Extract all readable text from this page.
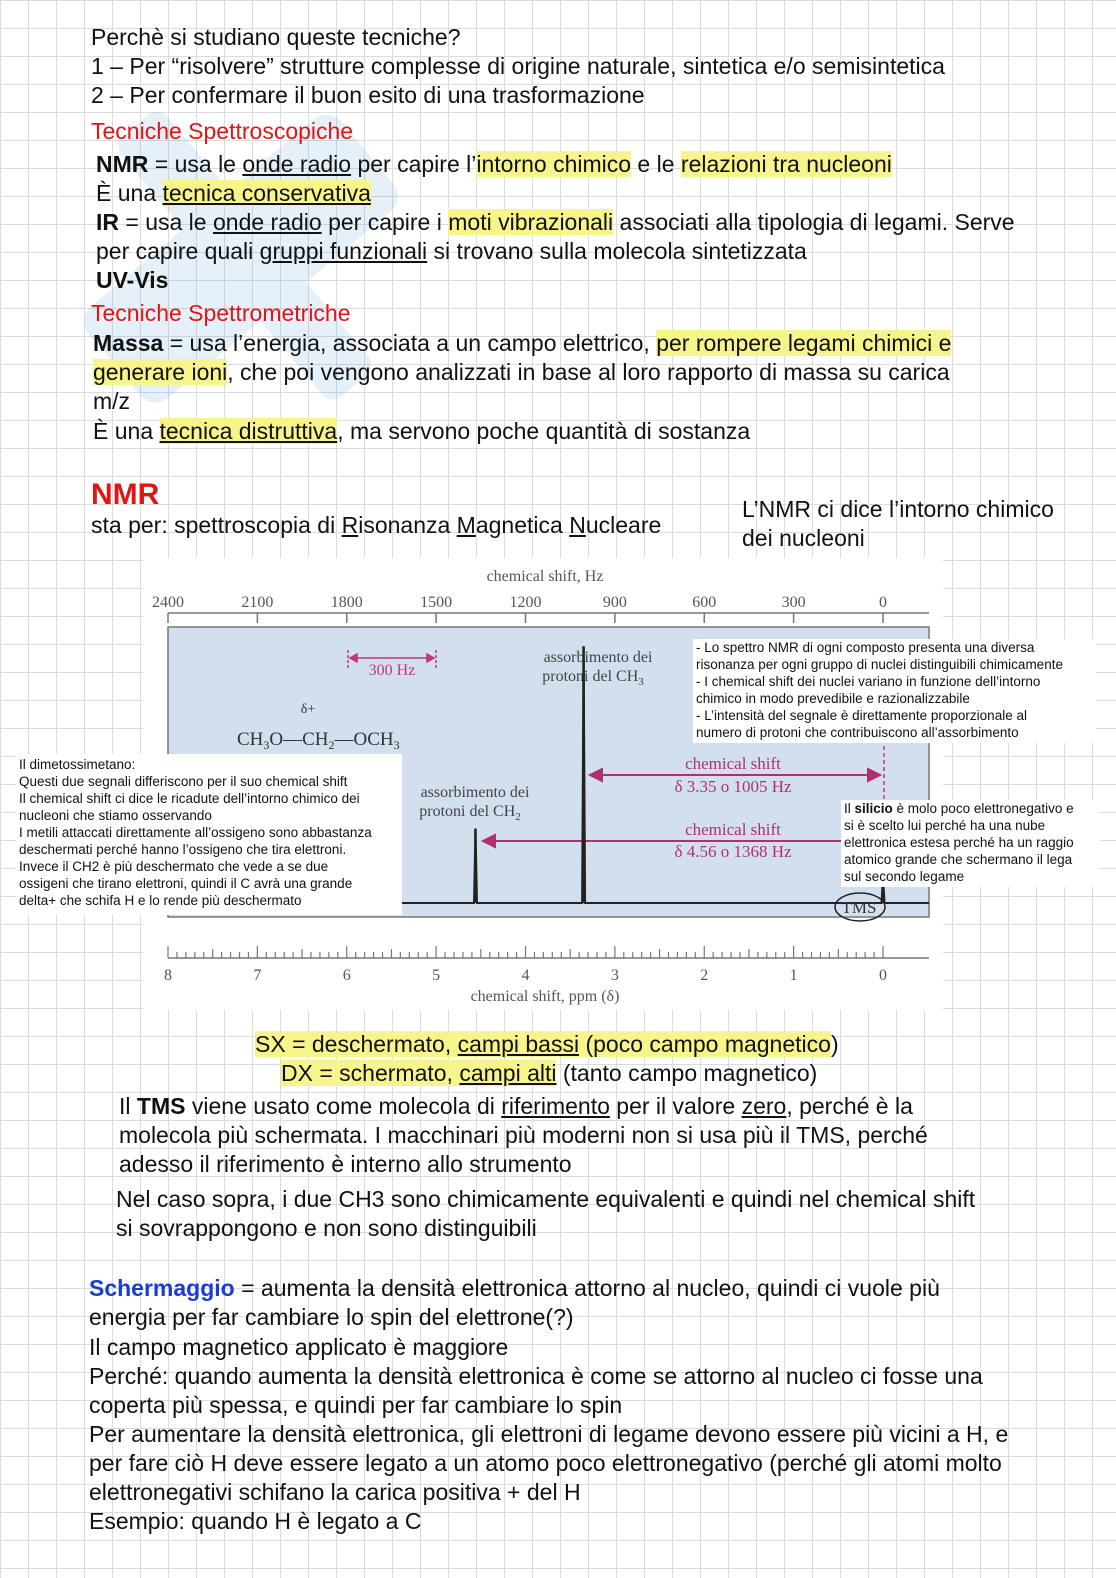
Perchè si studiano queste tecniche?
1 – Per “risolvere” strutture complesse di origine naturale, sintetica e/o semisintetica
2 – Per confermare il buon esito di una trasformazione
Tecniche Spettroscopiche
NMR = usa le onde radio per capire l’intorno chimico e le relazioni tra nucleoni
È una tecnica conservativa
IR = usa le onde radio per capire i moti vibrazionali associati alla tipologia di legami. Serve
per capire quali gruppi funzionali si trovano sulla molecola sintetizzata
UV-Vis
Tecniche Spettrometriche
Massa = usa l’energia, associata a un campo elettrico, per rompere legami chimici e
generare ioni, che poi vengono analizzati in base al loro rapporto di massa su carica
m/z
È una tecnica distruttiva, ma servono poche quantità di sostanza
NMR
sta per: spettroscopia di Risonanza Magnetica Nucleare
L’NMR ci dice l’intorno chimico
dei nucleoni
chemical shift, Hz
2400	2100	1800	1500	1200	900	600	300	0
8	7	6	5	4	3	2	1	0
chemical shift, ppm (δ)
300 Hz
assorbimento dei
protoni del $CH_3$
δ+
$CH_3O—CH_2—OCH_3$
chemical shift
δ 3.35 o 1005 Hz
chemical shift
δ 4.56 o 1368 Hz
assorbimento dei
protoni del $CH_2$
TMS
- Lo spettro NMR di ogni composto presenta una diversa
risonanza per ogni gruppo di nuclei distinguibili chimicamente
- I chemical shift dei nuclei variano in funzione dell’intorno
chimico in modo prevedibile e razionalizzabile
- L’intensità del segnale è direttamente proporzionale al
numero di protoni che contribuiscono all’assorbimento
Il dimetossimetano:
Questi due segnali differiscono per il suo chemical shift
Il chemical shift ci dice le ricadute dell’intorno chimico dei
nucleoni che stiamo osservando
I metili attaccati direttamente all’ossigeno sono abbastanza
deschermati perché hanno l’ossigeno che tira elettroni.
Invece il CH2 è più deschermato che vede a se due
ossigeni che tirano elettroni, quindi il C avrà una grande
delta+ che schifa H e lo rende più deschermato
Il silicio è molo poco elettronegativo e
si è scelto lui perché ha una nube
elettronica estesa perché ha un raggio
atomico grande che schermano il lega
sul secondo legame
SX = deschermato, campi bassi (poco campo magnetico)
DX = schermato, campi alti (tanto campo magnetico)
Il TMS viene usato come molecola di riferimento per il valore zero, perché è la
molecola più schermata. I macchinari più moderni non si usa più il TMS, perché
adesso il riferimento è interno allo strumento
Nel caso sopra, i due CH3 sono chimicamente equivalenti e quindi nel chemical shift
si sovrappongono e non sono distinguibili
Schermaggio = aumenta la densità elettronica attorno al nucleo, quindi ci vuole più
energia per far cambiare lo spin del elettrone(?)
Il campo magnetico applicato è maggiore
Perché: quando aumenta la densità elettronica è come se attorno al nucleo ci fosse una
coperta più spessa, e quindi per far cambiare lo spin
Per aumentare la densità elettronica, gli elettroni di legame devono essere più vicini a H, e
per fare ciò H deve essere legato a un atomo poco elettronegativo (perché gli atomi molto
elettronegativi schifano la carica positiva + del H
Esempio: quando H è legato a C
